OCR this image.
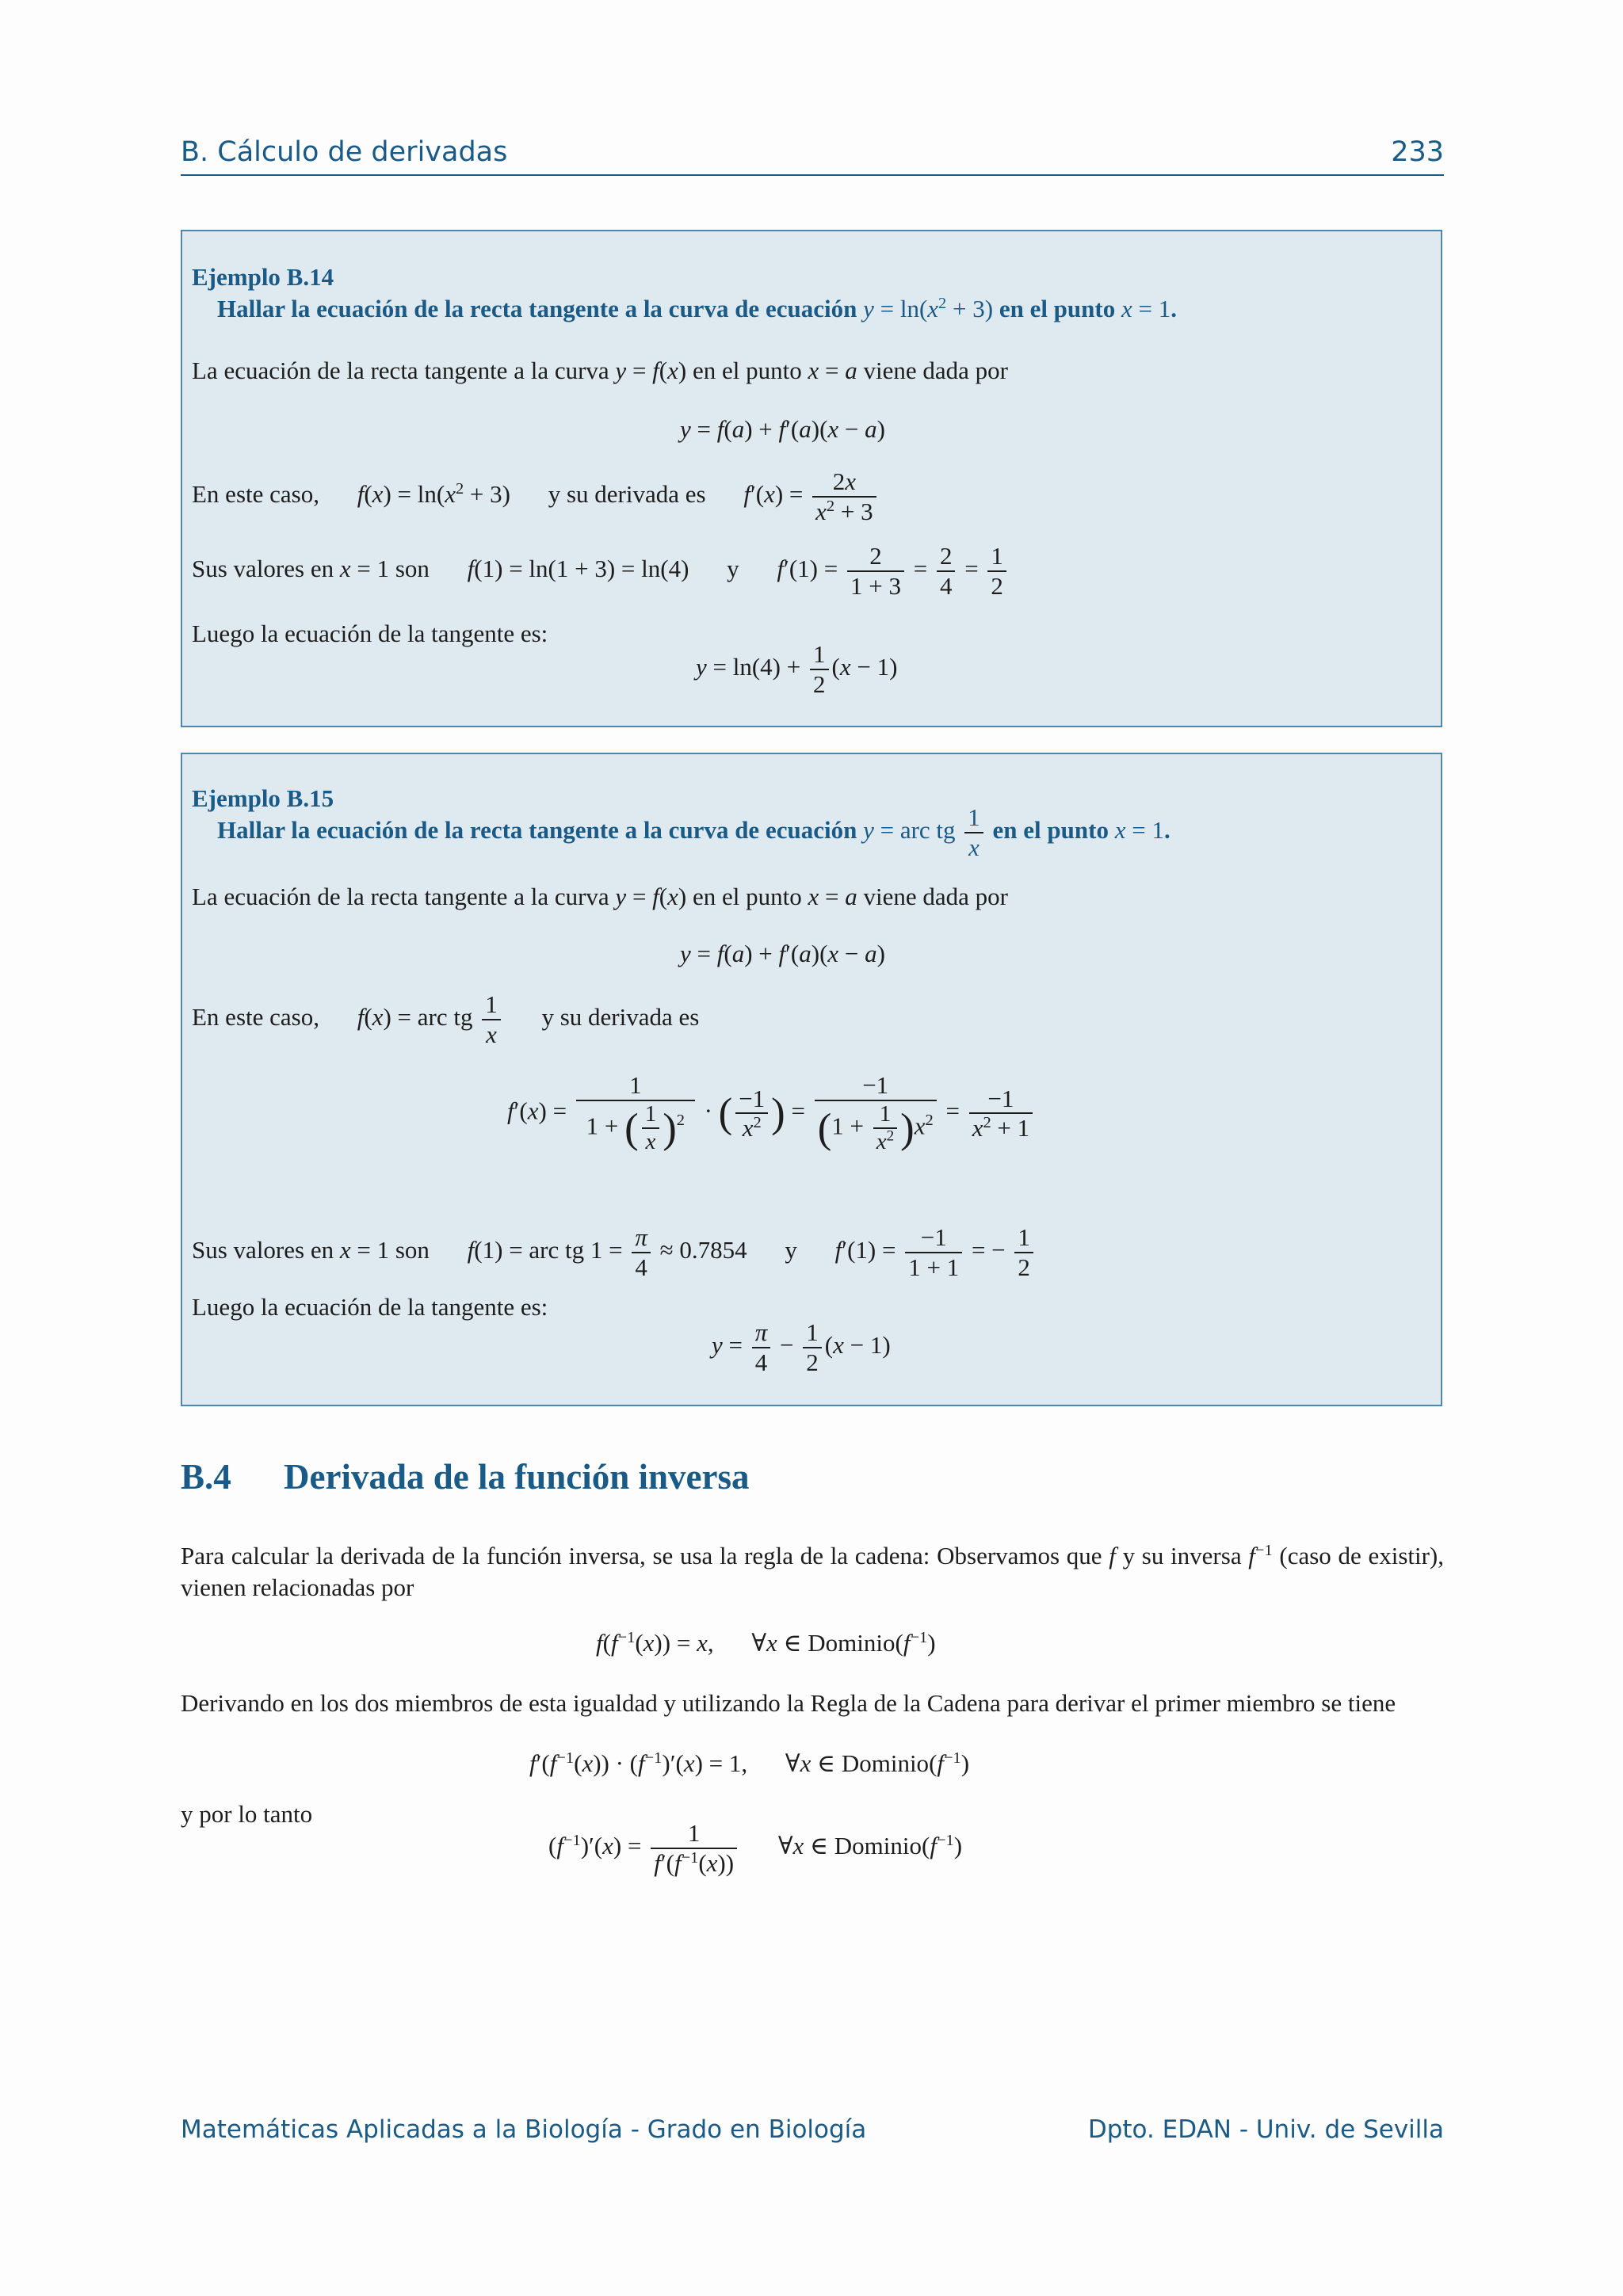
B. Cálculo de derivadas	233
Ejemplo B.14
Hallar la ecuación de la recta tangente a la curva de ecuación $y = \ln(x^2 + 3)$ en el punto x = 1.
La ecuación de la recta tangente a la curva y = f(x) en el punto x = a viene dada por
y = f(a) + f′(a)(x − a)
En este caso, $f(x) = \ln(x^2 + 3)$ y su derivada es $f'(x) = \frac{2x}{x^2 + 3}$
Sus valores en x = 1 son f(1) = ln(1 + 3) = ln(4) y $f'(1) = \frac{2}{1 + 3} = \frac{2}{4} = \frac{1}{2}$
Luego la ecuación de la tangente es:
$y = \ln(4) + \frac{1}{2} (x - 1)$
Ejemplo B.15
Hallar la ecuación de la recta tangente a la curva de ecuación y = arc tg $\frac{1}{x}$ en el punto x = 1.
La ecuación de la recta tangente a la curva y = f(x) en el punto x = a viene dada por
y = f(a) + f′(a)(x − a)
En este caso, f(x) = arc tg $\frac{1}{x}$ y su derivada es
$f'(x) = \frac{1}{1 + ( \frac{1}{x} )^2}$ · ( $\frac{-1}{x^2}$ ) = $\frac{-1}{(1 + \frac{1}{x^2} )x^2} = \frac{-1}{x^2 + 1}$
Sus valores en x = 1 son f(1) = arc tg $1 = \frac{\pi}{4} \approx 0.7854$ y $f'(1) = \frac{-1}{1 + 1}$ = − $\frac{1}{2}$
Luego la ecuación de la tangente es:
$y = \frac{\pi}{4} - \frac{1}{2} (x - 1)$
B.4 Derivada de la función inversa
Para calcular la derivada de la función inversa, se usa la regla de la cadena: Observamos que f y su inversa $f^{-1}$ (caso de existir), vienen relacionadas por
$f(f^{-1}(x)) = x$, ∀x ∈ $Dominio(f^{-1})$
Derivando en los dos miembros de esta igualdad y utilizando la Regla de la Cadena para derivar el primer miembro se tiene
$f'(f^{-1}(x)) \cdot (f^{-1})'(x) = 1$, ∀x ∈ $Dominio(f^{-1})$
y por lo tanto
$(f^{-1})'(x) = \frac{1}{f'(f^{-1}(x))}$ ∀x ∈ $Dominio(f^{-1})$
Matemáticas Aplicadas a la Biología - Grado en Biología	Dpto. EDAN - Univ. de Sevilla
